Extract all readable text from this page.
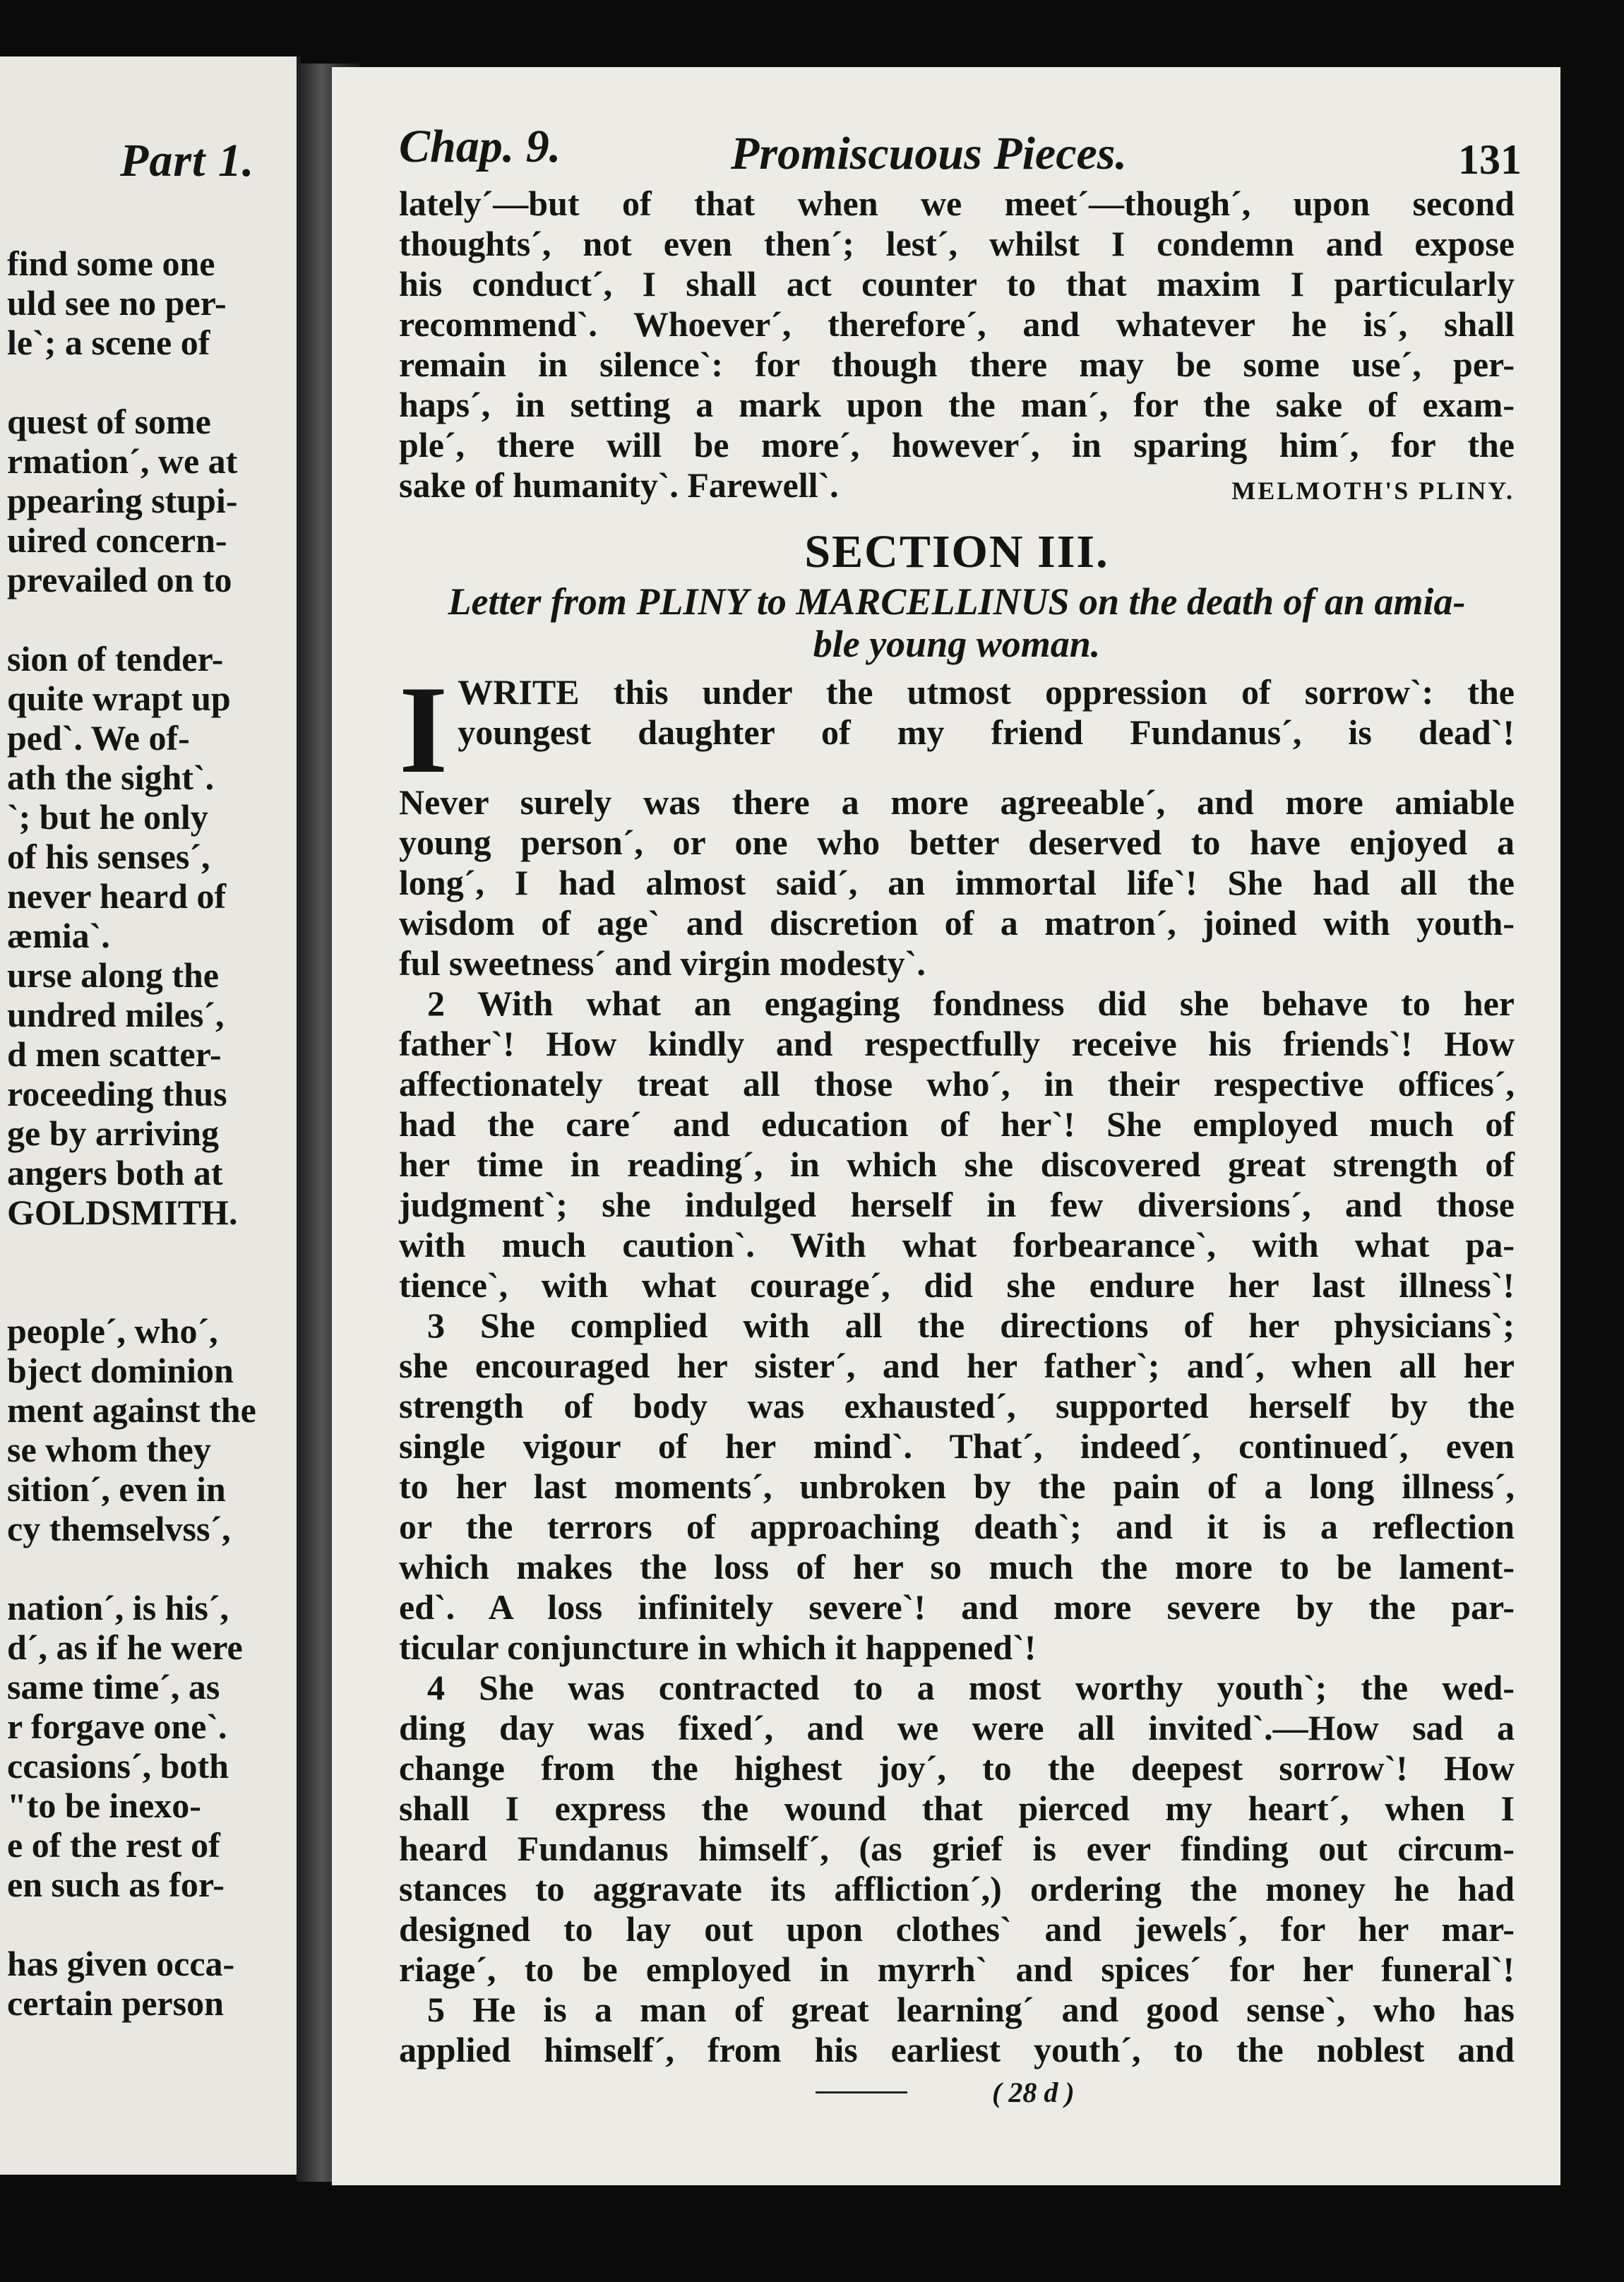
Part 1.
find some one
uld see no per-
le`; a scene of
quest of some
rmation´, we at
ppearing stupi-
uired concern-
prevailed on to
sion of tender-
quite wrapt up
ped`. We of-
ath the sight`.
`; but he only
of his senses´,
never heard of
æmia`.
urse along the
undred miles´,
d men scatter-
roceeding thus
ge by arriving
angers both at
GOLDSMITH.
people´, who´,
bject dominion
ment against the
se whom they
sition´, even in
cy themselvss´,
nation´, is his´,
d´, as if he were
same time´, as
r forgave one`.
ccasions´, both
"to be inexo-
e of the rest of
en such as for-
has given occa-
certain person
Chap. 9.	Promiscuous Pieces.	131
lately´—but of that when we meet´—though´, upon second
thoughts´, not even then´; lest´, whilst I condemn and expose
his conduct´, I shall act counter to that maxim I particularly
recommend`. Whoever´, therefore´, and whatever he is´, shall
remain in silence`: for though there may be some use´, per-
haps´, in setting a mark upon the man´, for the sake of exam-
ple´, there will be more´, however´, in sparing him´, for the
sake of humanity`. Farewell`.	MELMOTH'S PLINY.
SECTION III.
Letter from PLINY to MARCELLINUS on the death of an amia-
ble young woman.
I WRITE this under the utmost oppression of sorrow`: the
youngest daughter of my friend Fundanus´, is dead`!
Never surely was there a more agreeable´, and more amiable
young person´, or one who better deserved to have enjoyed a
long´, I had almost said´, an immortal life`! She had all the
wisdom of age` and discretion of a matron´, joined with youth-
ful sweetness´ and virgin modesty`.
2 With what an engaging fondness did she behave to her
father`! How kindly and respectfully receive his friends`! How
affectionately treat all those who´, in their respective offices´,
had the care´ and education of her`! She employed much of
her time in reading´, in which she discovered great strength of
judgment`; she indulged herself in few diversions´, and those
with much caution`. With what forbearance`, with what pa-
tience`, with what courage´, did she endure her last illness`!
3 She complied with all the directions of her physicians`;
she encouraged her sister´, and her father`; and´, when all her
strength of body was exhausted´, supported herself by the
single vigour of her mind`. That´, indeed´, continued´, even
to her last moments´, unbroken by the pain of a long illness´,
or the terrors of approaching death`; and it is a reflection
which makes the loss of her so much the more to be lament-
ed`. A loss infinitely severe`! and more severe by the par-
ticular conjuncture in which it happened`!
4 She was contracted to a most worthy youth`; the wed-
ding day was fixed´, and we were all invited`.—How sad a
change from the highest joy´, to the deepest sorrow`! How
shall I express the wound that pierced my heart´, when I
heard Fundanus himself´, (as grief is ever finding out circum-
stances to aggravate its affliction´,) ordering the money he had
designed to lay out upon clothes` and jewels´, for her mar-
riage´, to be employed in myrrh` and spices´ for her funeral`!
5 He is a man of great learning´ and good sense`, who has
applied himself´, from his earliest youth´, to the noblest and
( 28 d )
